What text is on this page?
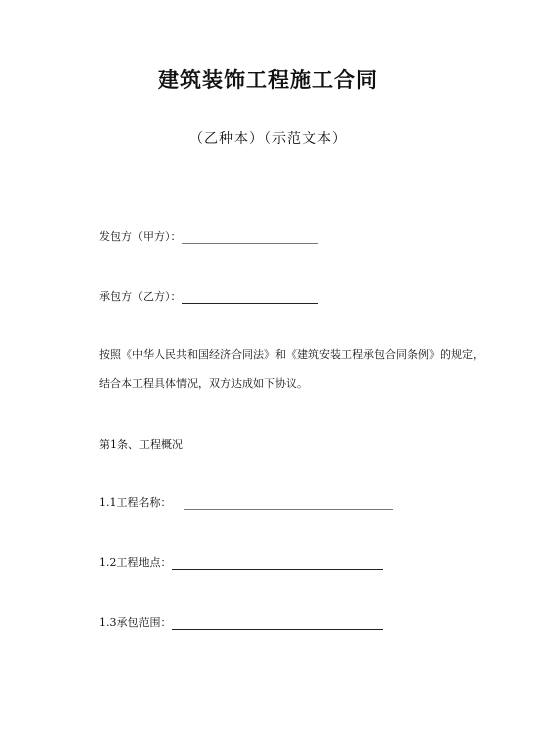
建筑装饰工程施工合同
（乙种本）（示范文本）
发包方（甲方）：
承包方（乙方）：
按照《中华人民共和国经济合同法》和《建筑安装工程承包合同条例》的规定，
结合本工程具体情况，双方达成如下协议。
第1条、工程概况
1.1工程名称：
1.2工程地点：
1.3承包范围：
